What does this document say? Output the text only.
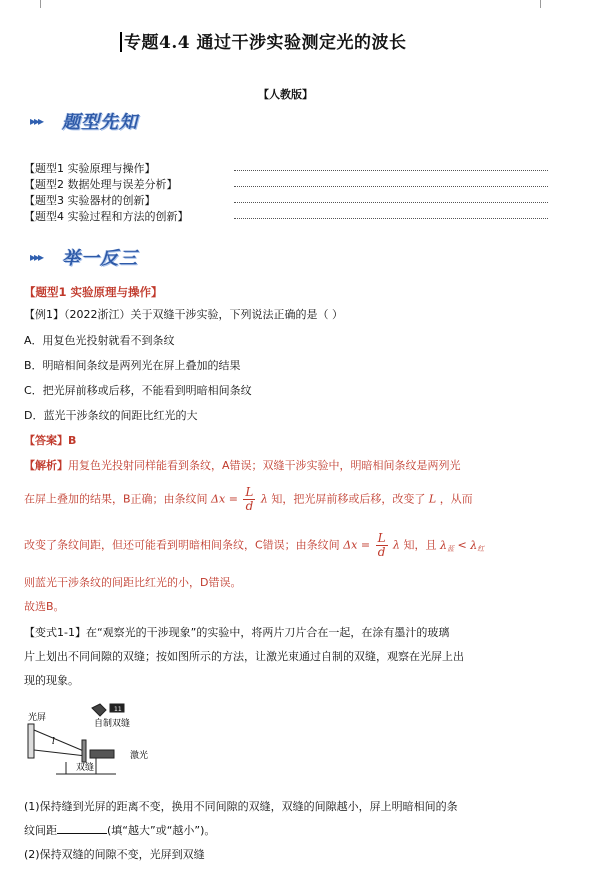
专题4.4 通过干涉实验测定光的波长
【人教版】
▸▸▸ 题型先知
【题型1 实验原理与操作】
【题型2 数据处理与误差分析】
【题型3 实验器材的创新】
【题型4 实验过程和方法的创新】
▸▸▸ 举一反三
【题型1 实验原理与操作】
【例1】（2022浙江）关于双缝干涉实验，下列说法正确的是（ ）
A．用复色光投射就看不到条纹
B．明暗相间条纹是两列光在屏上叠加的结果
C．把光屏前移或后移，不能看到明暗相间条纹
D．蓝光干涉条纹的间距比红光的大
【答案】B
【解析】用复色光投射同样能看到条纹，A错误；双缝干涉实验中，明暗相间条纹是两列光
在屏上叠加的结果，B正确；由条纹间 $\Delta x = \frac{L}{d}$ λ 知，把光屏前移或后移，改变了 L ，从而
改变了条纹间距，但还可能看到明暗相间条纹，C错误；由条纹间 $\Delta x = \frac{L}{d}$ λ 知，且 $\lambda_蓝 < \lambda_红$
则蓝光干涉条纹的间距比红光的小，D错误。
故选B。
【变式1-1】在“观察光的干涉现象”的实验中，将两片刀片合在一起，在涂有墨汁的玻璃
片上划出不同间隙的双缝；按如图所示的方法，让激光束通过自制的双缝，观察在光屏上出
现的现象。
11
光屏
自制双缝
激光
双缝
l
(1)保持缝到光屏的距离不变，换用不同间隙的双缝，双缝的间隙越小，屏上明暗相间的条
纹间距	(填“越大”或“越小”)。
(2)保持双缝的间隙不变，光屏到双缝
